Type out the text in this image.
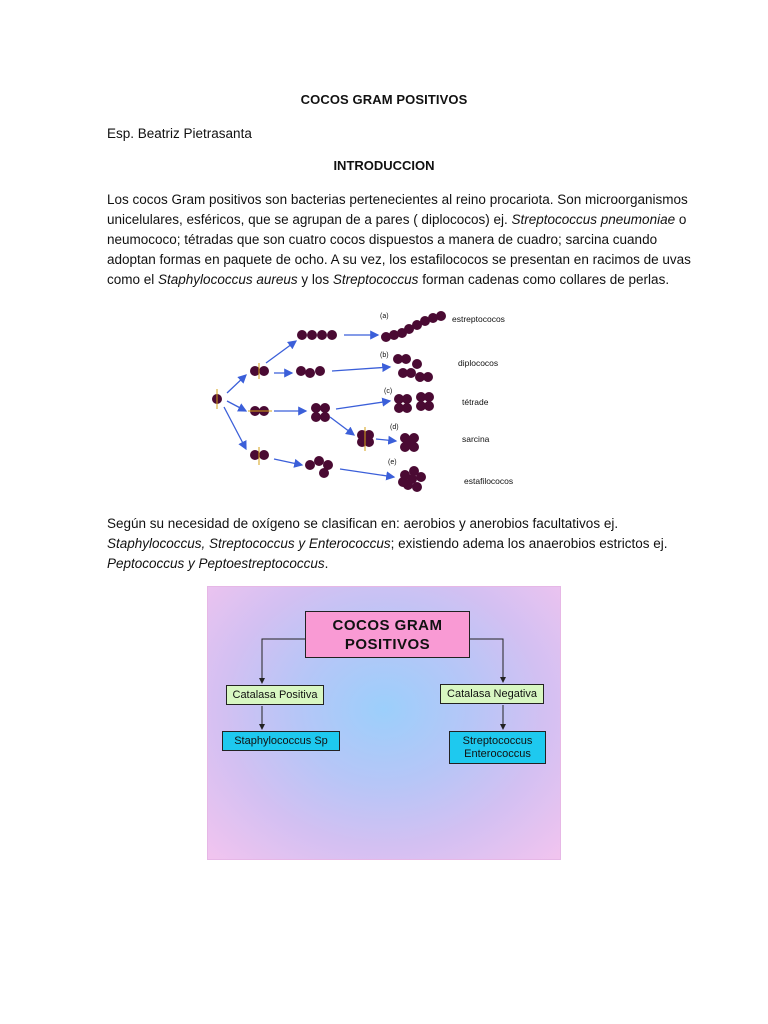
COCOS GRAM POSITIVOS
Esp. Beatriz Pietrasanta
INTRODUCCION
Los cocos Gram positivos son bacterias pertenecientes al reino procariota. Son microorganismos
unicelulares, esféricos, que se agrupan de a pares ( diplococos) ej. Streptococcus pneumoniae o
neumococo; tétradas que son cuatro cocos dispuestos a manera de cuadro; sarcina cuando
adoptan formas en paquete de ocho. A su vez, los estafilococos se presentan en racimos de uvas
como el Staphylococcus aureus y los Streptococcus forman cadenas como collares de perlas.
(a)
(b)
(c)
(d)
(e)
estreptococos
diplococos
tétrade
sarcina
estafilococos
Según su necesidad de oxígeno se clasifican en: aerobios y anerobios facultativos ej.
Staphylococcus, Streptococcus y Enterococcus; existiendo adema los anaerobios estrictos ej.
Peptococcus y Peptoestreptococcus.
COCOS GRAM
POSITIVOS
Catalasa Positiva	Catalasa Negativa
Staphylococcus Sp	Streptococcus
Enterococcus
